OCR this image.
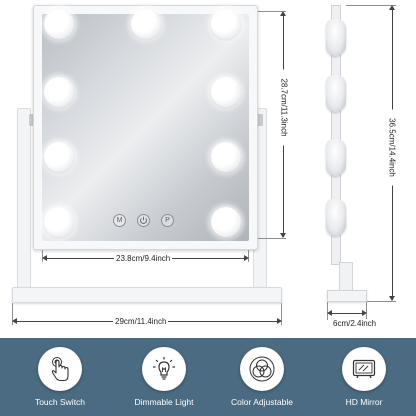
M	P
23.8cm/9.4inch
28.7cm/11.3inch
29cm/11.4inch
36.5cm/14.4inch
6cm/2.4inch
Touch Switch	Dimmable Light	Color Adjustable	HD Mirror
